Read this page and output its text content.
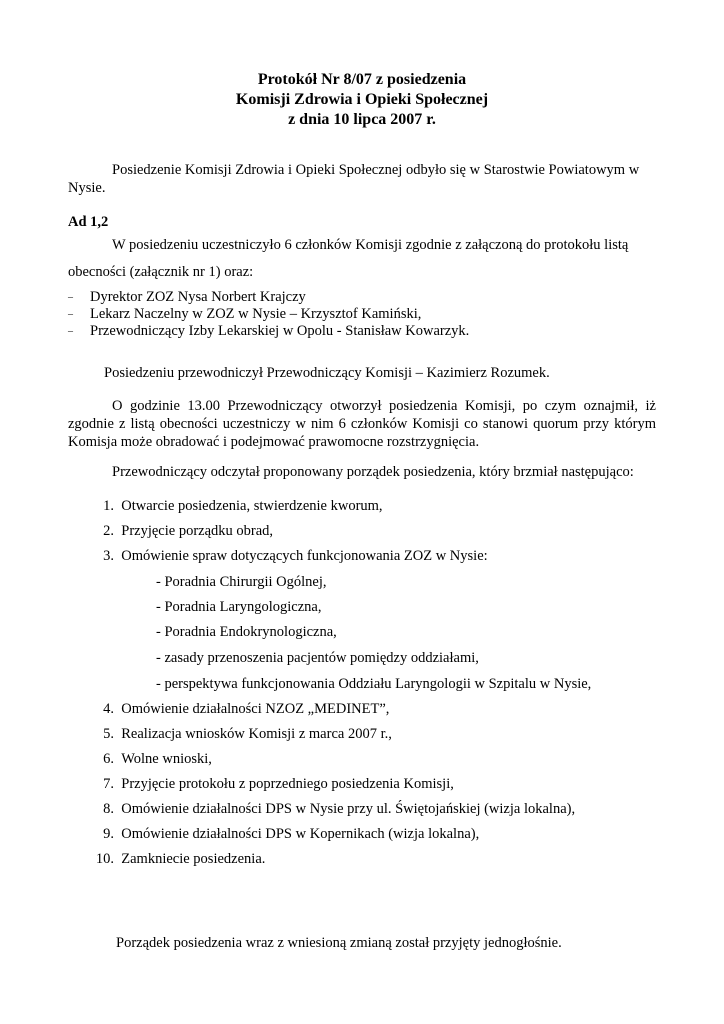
Protokół Nr 8/07 z posiedzenia
Komisji Zdrowia i Opieki Społecznej
z dnia 10 lipca 2007 r.
Posiedzenie Komisji Zdrowia i Opieki Społecznej odbyło się w Starostwie Powiatowym w
Nysie.
Ad 1,2
W posiedzeniu uczestniczyło 6 członków Komisji zgodnie z załączoną do protokołu listą
obecności (załącznik nr 1) oraz:
– Dyrektor ZOZ Nysa Norbert Krajczy
– Lekarz Naczelny w ZOZ w Nysie – Krzysztof Kamiński,
– Przewodniczący Izby Lekarskiej w Opolu - Stanisław Kowarzyk.
Posiedzeniu przewodniczył Przewodniczący Komisji – Kazimierz Rozumek.
O godzinie 13.00 Przewodniczący otworzył posiedzenia Komisji, po czym oznajmił, iż
zgodnie z listą obecności uczestniczy w nim 6 członków Komisji co stanowi quorum przy którym
Komisja może obradować i podejmować prawomocne rozstrzygnięcia.
Przewodniczący odczytał proponowany porządek posiedzenia, który brzmiał następująco:
1. Otwarcie posiedzenia, stwierdzenie kworum,
2. Przyjęcie porządku obrad,
3. Omówienie spraw dotyczących funkcjonowania ZOZ w Nysie:
- Poradnia Chirurgii Ogólnej,
- Poradnia Laryngologiczna,
- Poradnia Endokrynologiczna,
- zasady przenoszenia pacjentów pomiędzy oddziałami,
- perspektywa funkcjonowania Oddziału Laryngologii w Szpitalu w Nysie,
4. Omówienie działalności NZOZ „MEDINET”,
5. Realizacja wniosków Komisji z marca 2007 r.,
6. Wolne wnioski,
7. Przyjęcie protokołu z poprzedniego posiedzenia Komisji,
8. Omówienie działalności DPS w Nysie przy ul. Świętojańskiej (wizja lokalna),
9. Omówienie działalności DPS w Kopernikach (wizja lokalna),
10. Zamkniecie posiedzenia.
Porządek posiedzenia wraz z wniesioną zmianą został przyjęty jednogłośnie.
